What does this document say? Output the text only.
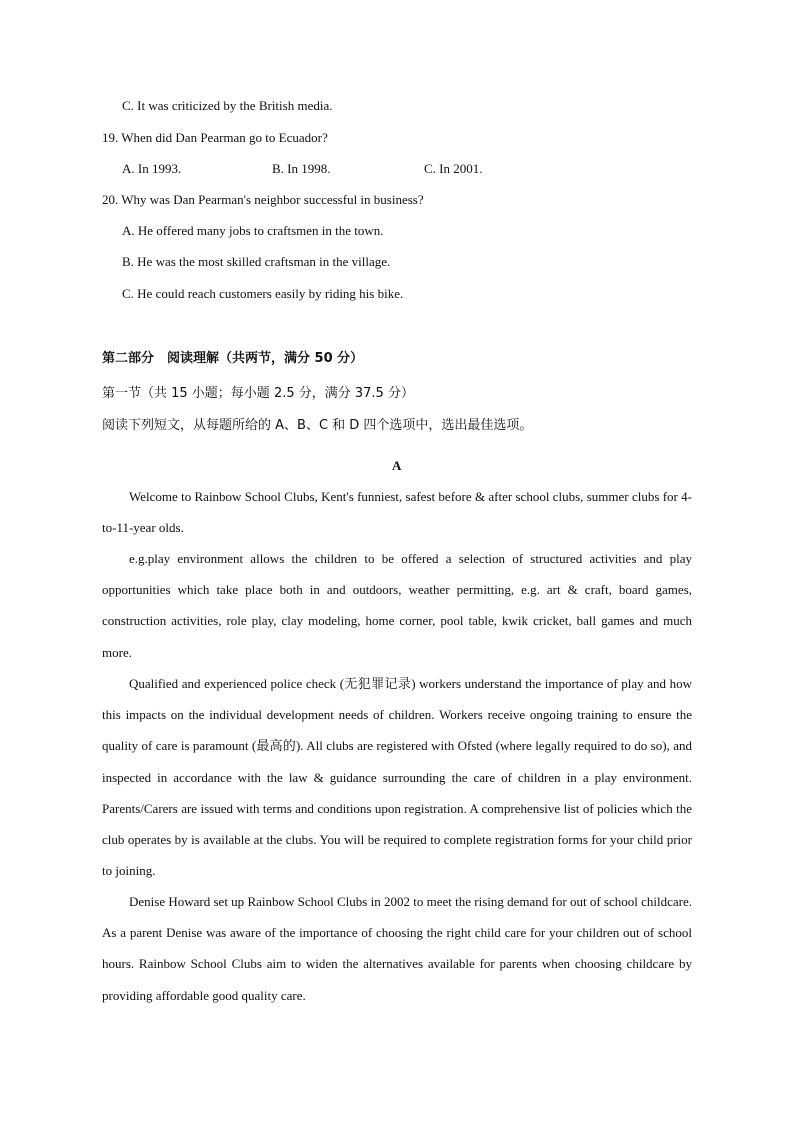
C. It was criticized by the British media.
19. When did Dan Pearman go to Ecuador?
A. In 1993.	B. In 1998.	C. In 2001.
20. Why was Dan Pearman's neighbor successful in business?
A. He offered many jobs to craftsmen in the town.
B. He was the most skilled craftsman in the village.
C. He could reach customers easily by riding his bike.
第二部分　阅读理解（共两节，满分 50 分）
第一节（共 15 小题；每小题 2.5 分，满分 37.5 分）
阅读下列短文，从每题所给的 A、B、C 和 D 四个选项中，选出最佳选项。
A

Welcome to Rainbow School Clubs, Kent's funniest, safest before & after school clubs, summer clubs for 4-to-11-year olds.

e.g.play environment allows the children to be offered a selection of structured activities and play opportunities which take place both in and outdoors, weather permitting, e.g. art & craft, board games, construction activities, role play, clay modeling, home corner, pool table, kwik cricket, ball games and much more.

Qualified and experienced police check (无犯罪记录) workers understand the importance of play and how this impacts on the individual development needs of children. Workers receive ongoing training to ensure the quality of care is paramount (最高的). All clubs are registered with Ofsted (where legally required to do so), and inspected in accordance with the law & guidance surrounding the care of children in a play environment. Parents/Carers are issued with terms and conditions upon registration. A comprehensive list of policies which the club operates by is available at the clubs. You will be required to complete registration forms for your child prior to joining.

Denise Howard set up Rainbow School Clubs in 2002 to meet the rising demand for out of school childcare. As a parent Denise was aware of the importance of choosing the right child care for your children out of school hours. Rainbow School Clubs aim to widen the alternatives available for parents when choosing childcare by providing affordable good quality care.
